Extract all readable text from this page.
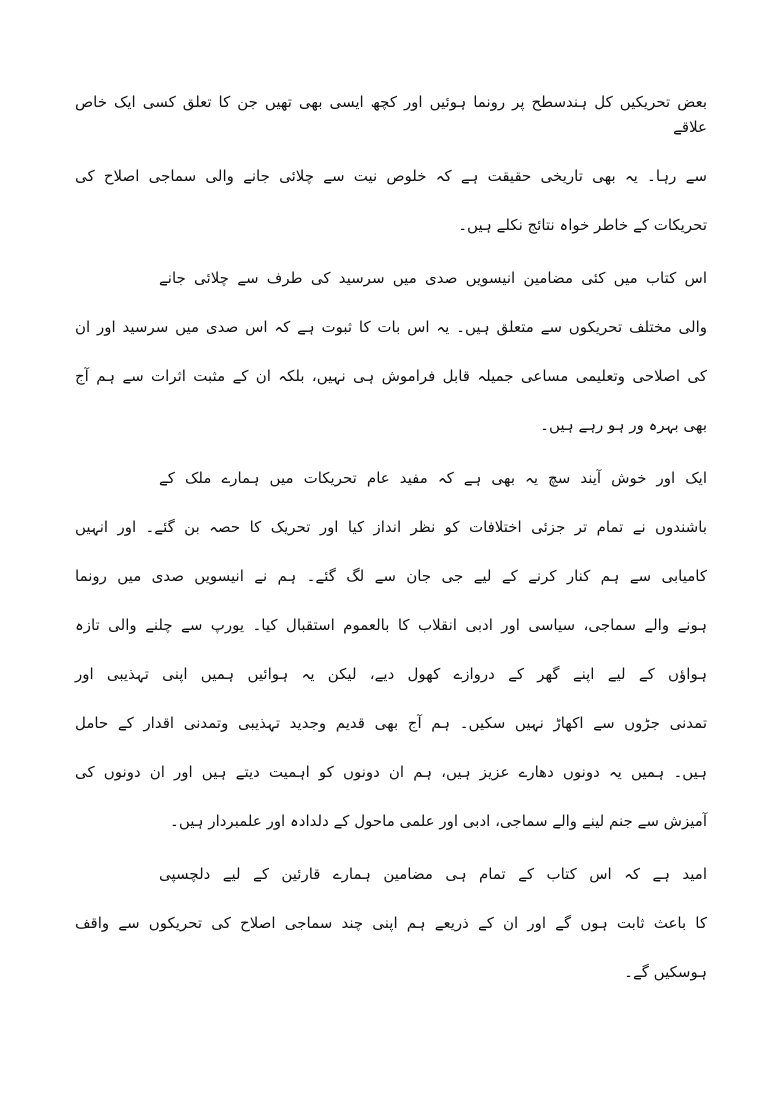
بعض تحریکیں کل ہندسطح پر رونما ہوئیں اور کچھ ایسی بھی تھیں جن کا تعلق کسی ایک خاص علاقے
سے رہا۔ یہ بھی تاریخی حقیقت ہے کہ خلوص نیت سے چلائی جانے والی سماجی اصلاح کی
تحریکات کے خاطر خواہ نتائج نکلے ہیں۔
اس کتاب میں کئی مضامین انیسویں صدی میں سرسید کی طرف سے چلائی جانے
والی مختلف تحریکوں سے متعلق ہیں۔ یہ اس بات کا ثبوت ہے کہ اس صدی میں سرسید اور ان
کی اصلاحی وتعلیمی مساعی جمیلہ قابل فراموش ہی نہیں، بلکہ ان کے مثبت اثرات سے ہم آج
بھی بہرہ ور ہو رہے ہیں۔
ایک اور خوش آیند سچ یہ بھی ہے کہ مفید عام تحریکات میں ہمارے ملک کے
باشندوں نے تمام تر جزئی اختلافات کو نظر انداز کیا اور تحریک کا حصہ بن گئے۔ اور انہیں
کامیابی سے ہم کنار کرنے کے لیے جی جان سے لگ گئے۔ ہم نے انیسویں صدی میں رونما
ہونے والے سماجی، سیاسی اور ادبی انقلاب کا بالعموم استقبال کیا۔ یورپ سے چلنے والی تازہ
ہواؤں کے لیے اپنے گھر کے دروازے کھول دیے، لیکن یہ ہوائیں ہمیں اپنی تہذیبی اور
تمدنی جڑوں سے اکھاڑ نہیں سکیں۔ ہم آج بھی قدیم وجدید تہذیبی وتمدنی اقدار کے حامل
ہیں۔ ہمیں یہ دونوں دھارے عزیز ہیں، ہم ان دونوں کو اہمیت دیتے ہیں اور ان دونوں کی
آمیزش سے جنم لینے والے سماجی، ادبی اور علمی ماحول کے دلدادہ اور علمبردار ہیں۔
امید ہے کہ اس کتاب کے تمام ہی مضامین ہمارے قارئین کے لیے دلچسپی
کا باعث ثابت ہوں گے اور ان کے ذریعے ہم اپنی چند سماجی اصلاح کی تحریکوں سے واقف
ہوسکیں گے۔
